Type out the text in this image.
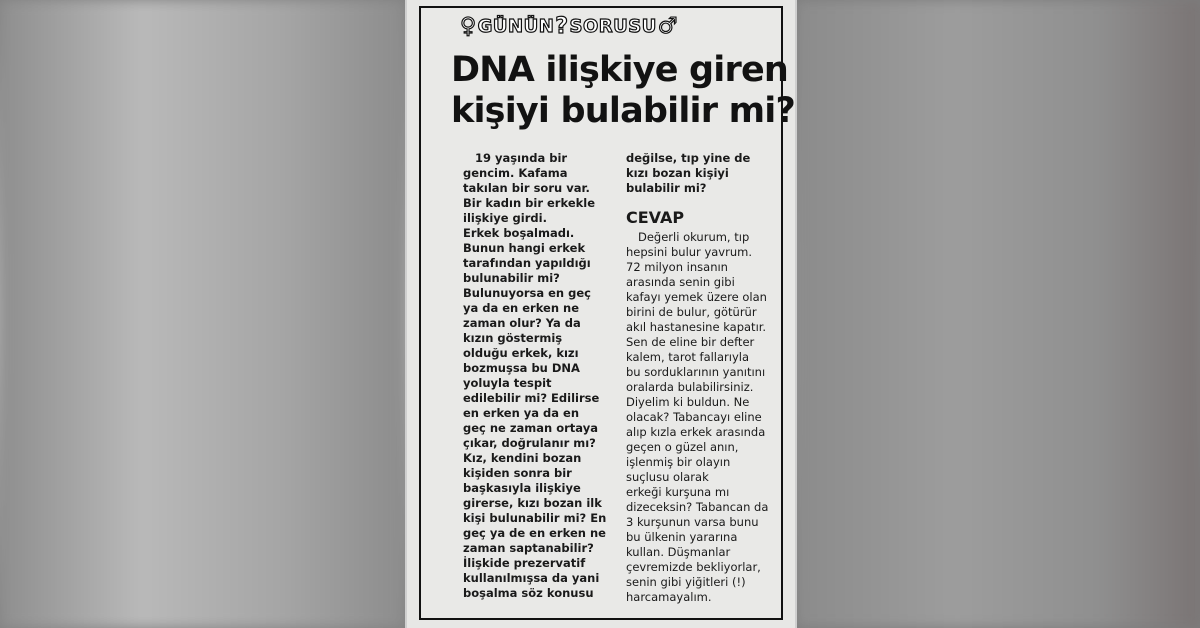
♀ GÜNÜN ? SORUSU ♂
DNA ilişkiye giren
kişiyi bulabilir mi?
19 yaşında bir
gencim. Kafama
takılan bir soru var.
Bir kadın bir erkekle
ilişkiye girdi.
Erkek boşalmadı.
Bunun hangi erkek
tarafından yapıldığı
bulunabilir mi?
Bulunuyorsa en geç
ya da en erken ne
zaman olur? Ya da
kızın göstermiş
olduğu erkek, kızı
bozmuşsa bu DNA
yoluyla tespit
edilebilir mi? Edilirse
en erken ya da en
geç ne zaman ortaya
çıkar, doğrulanır mı?
Kız, kendini bozan
kişiden sonra bir
başkasıyla ilişkiye
girerse, kızı bozan ilk
kişi bulunabilir mi? En
geç ya de en erken ne
zaman saptanabilir?
İlişkide prezervatif
kullanılmışsa da yani
boşalma söz konusu
değilse, tıp yine de
kızı bozan kişiyi
bulabilir mi?
CEVAP
Değerli okurum, tıp
hepsini bulur yavrum.
72 milyon insanın
arasında senin gibi
kafayı yemek üzere olan
birini de bulur, götürür
akıl hastanesine kapatır.
Sen de eline bir defter
kalem, tarot fallarıyla
bu sorduklarının yanıtını
oralarda bulabilirsiniz.
Diyelim ki buldun. Ne
olacak? Tabancayı eline
alıp kızla erkek arasında
geçen o güzel anın,
işlenmiş bir olayın
suçlusu olarak
erkeği kurşuna mı
dizeceksin? Tabancan da
3 kurşunun varsa bunu
bu ülkenin yararına
kullan. Düşmanlar
çevremizde bekliyorlar,
senin gibi yiğitleri (!)
harcamayalım.
